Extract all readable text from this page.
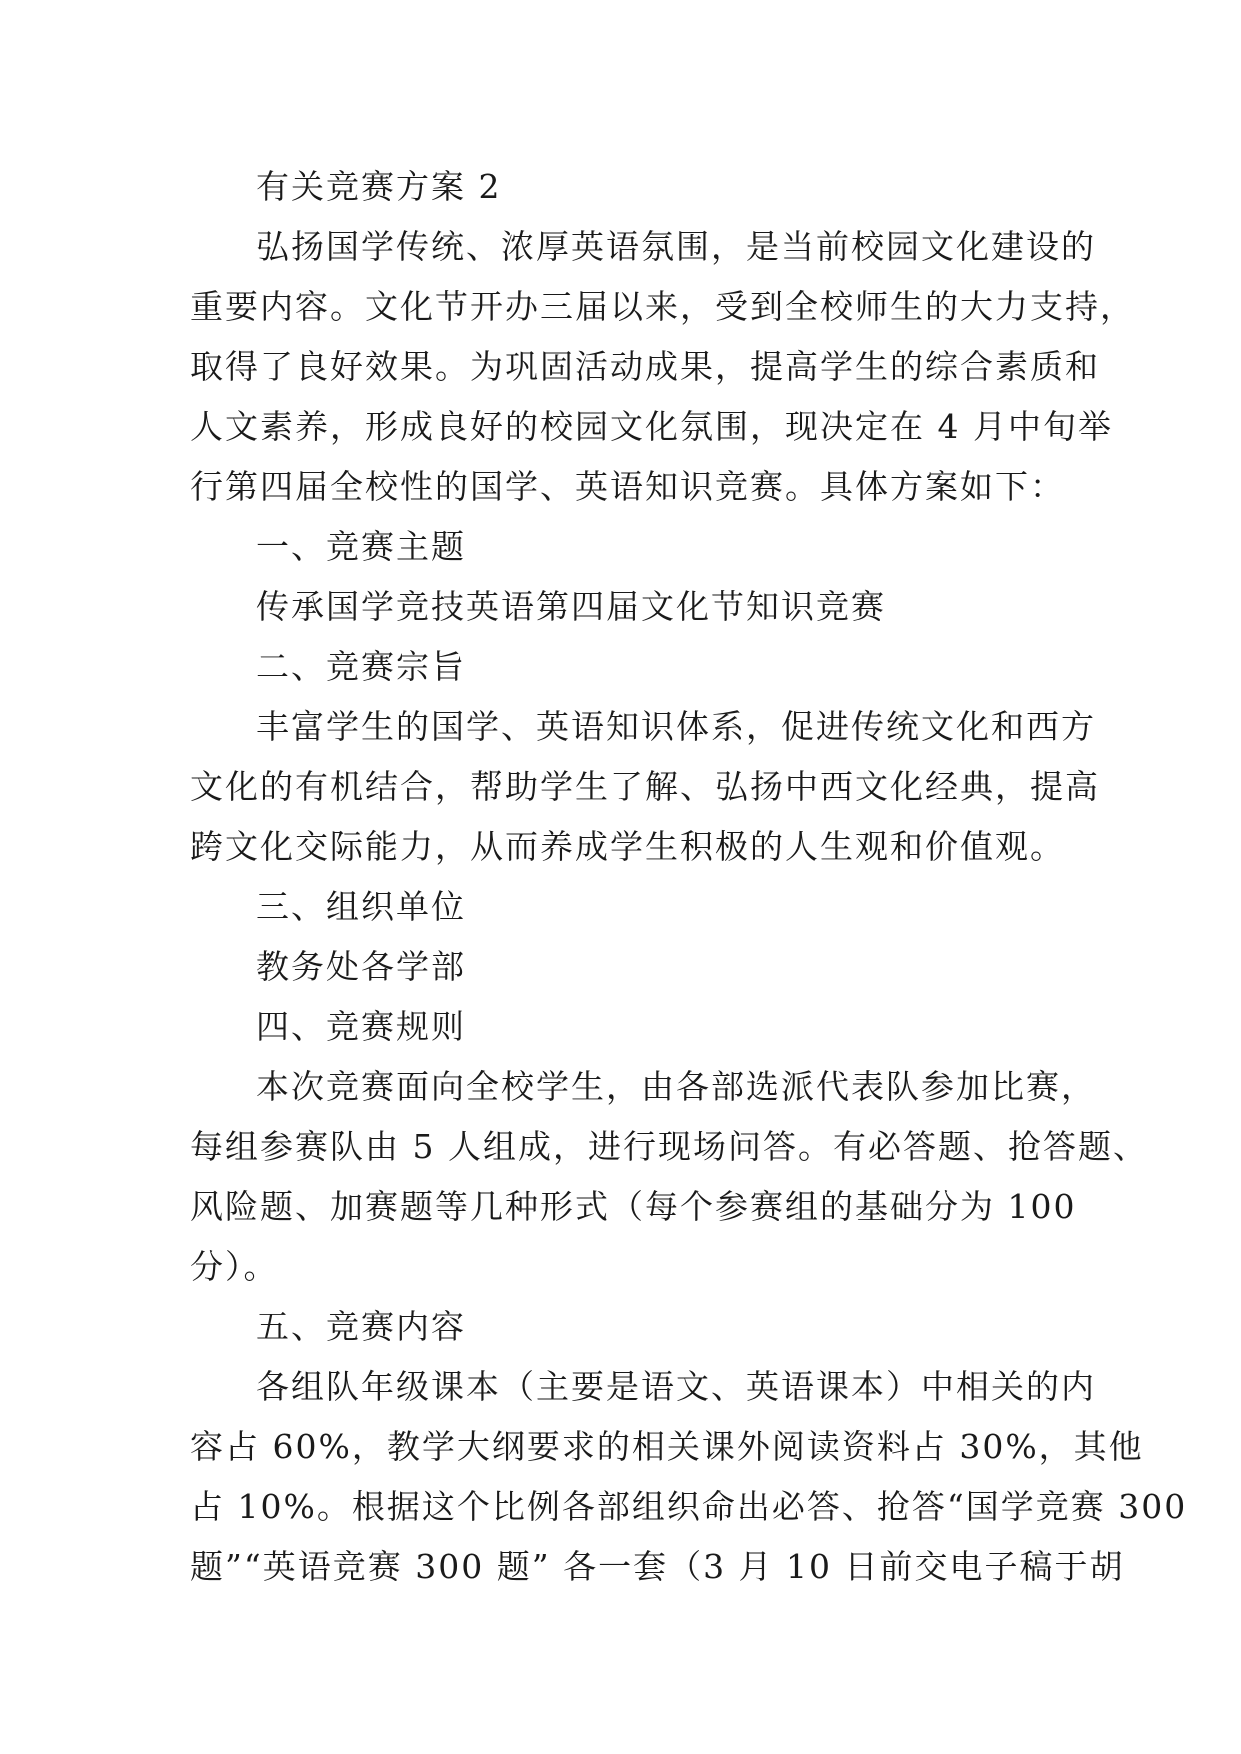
有关竞赛方案 2
弘扬国学传统、浓厚英语氛围，是当前校园文化建设的
重要内容。文化节开办三届以来，受到全校师生的大力支持，
取得了良好效果。为巩固活动成果，提高学生的综合素质和
人文素养，形成良好的校园文化氛围，现决定在 4 月中旬举
行第四届全校性的国学、英语知识竞赛。具体方案如下：
一、竞赛主题
传承国学竞技英语第四届文化节知识竞赛
二、竞赛宗旨
丰富学生的国学、英语知识体系，促进传统文化和西方
文化的有机结合，帮助学生了解、弘扬中西文化经典，提高
跨文化交际能力，从而养成学生积极的人生观和价值观。
三、组织单位
教务处各学部
四、竞赛规则
本次竞赛面向全校学生，由各部选派代表队参加比赛，
每组参赛队由 5 人组成，进行现场问答。有必答题、抢答题、
风险题、加赛题等几种形式（每个参赛组的基础分为 100
分）。
五、竞赛内容
各组队年级课本（主要是语文、英语课本）中相关的内
容占 60%，教学大纲要求的相关课外阅读资料占 30%，其他
占 10%。根据这个比例各部组织命出必答、抢答“国学竞赛 300
题”“英语竞赛 300 题” 各一套（3 月 10 日前交电子稿于胡
